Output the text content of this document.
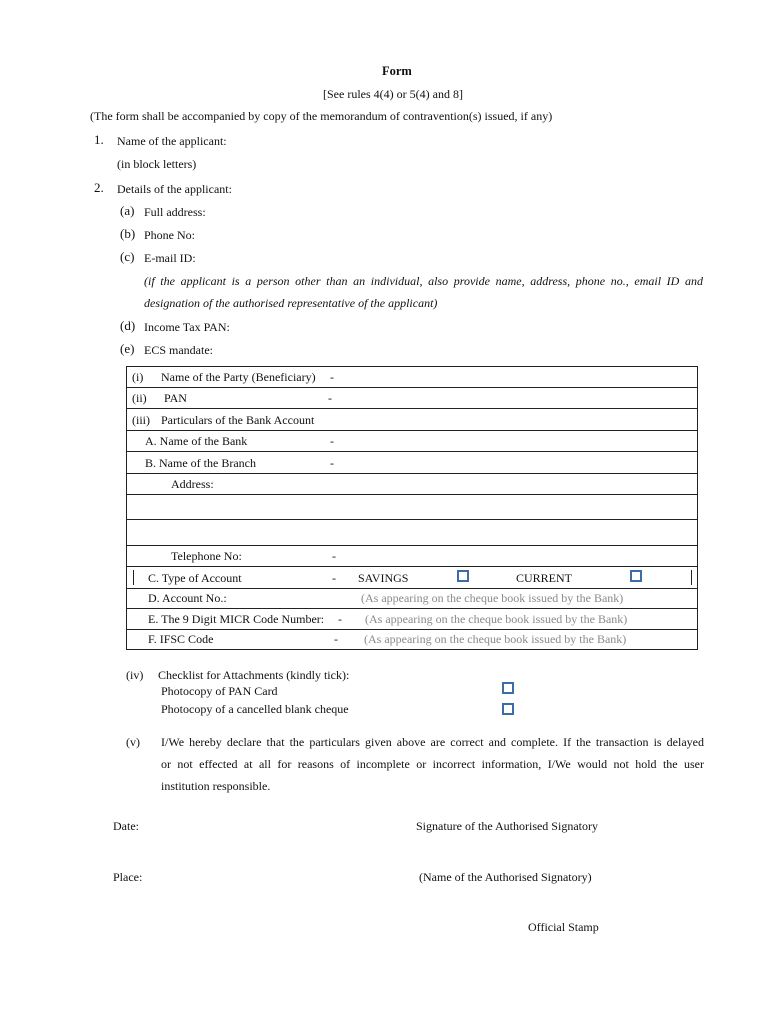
Form
[See rules 4(4) or 5(4) and 8]
(The form shall be accompanied by copy of the memorandum of contravention(s) issued, if any)
1. Name of the applicant:
(in block letters)
2. Details of the applicant:
(a) Full address:
(b) Phone No:
(c) E-mail ID:
(if the applicant is a person other than an individual, also provide name, address, phone no., email ID and
designation of the authorised representative of the applicant)
(d) Income Tax PAN:
(e) ECS mandate:
(i) Name of the Party (Beneficiary) -
(ii) PAN	-
(iii) Particulars of the Bank Account
A. Name of the Bank	-
B. Name of the Branch	-
Address:
Telephone No:	-
C. Type of Account	- SAVINGS	CURRENT
D. Account No.:	(As appearing on the cheque book issued by the Bank)
E. The 9 Digit MICR Code Number: - (As appearing on the cheque book issued by the Bank)
F. IFSC Code	- (As appearing on the cheque book issued by the Bank)
(iv) Checklist for Attachments (kindly tick):
Photocopy of PAN Card
Photocopy of a cancelled blank cheque
(v) I/We hereby declare that the particulars given above are correct and complete. If the transaction is delayed
or not effected at all for reasons of incomplete or incorrect information, I/We would not hold the user
institution responsible.
Date:	Signature of the Authorised Signatory
Place:	(Name of the Authorised Signatory)
Official Stamp
